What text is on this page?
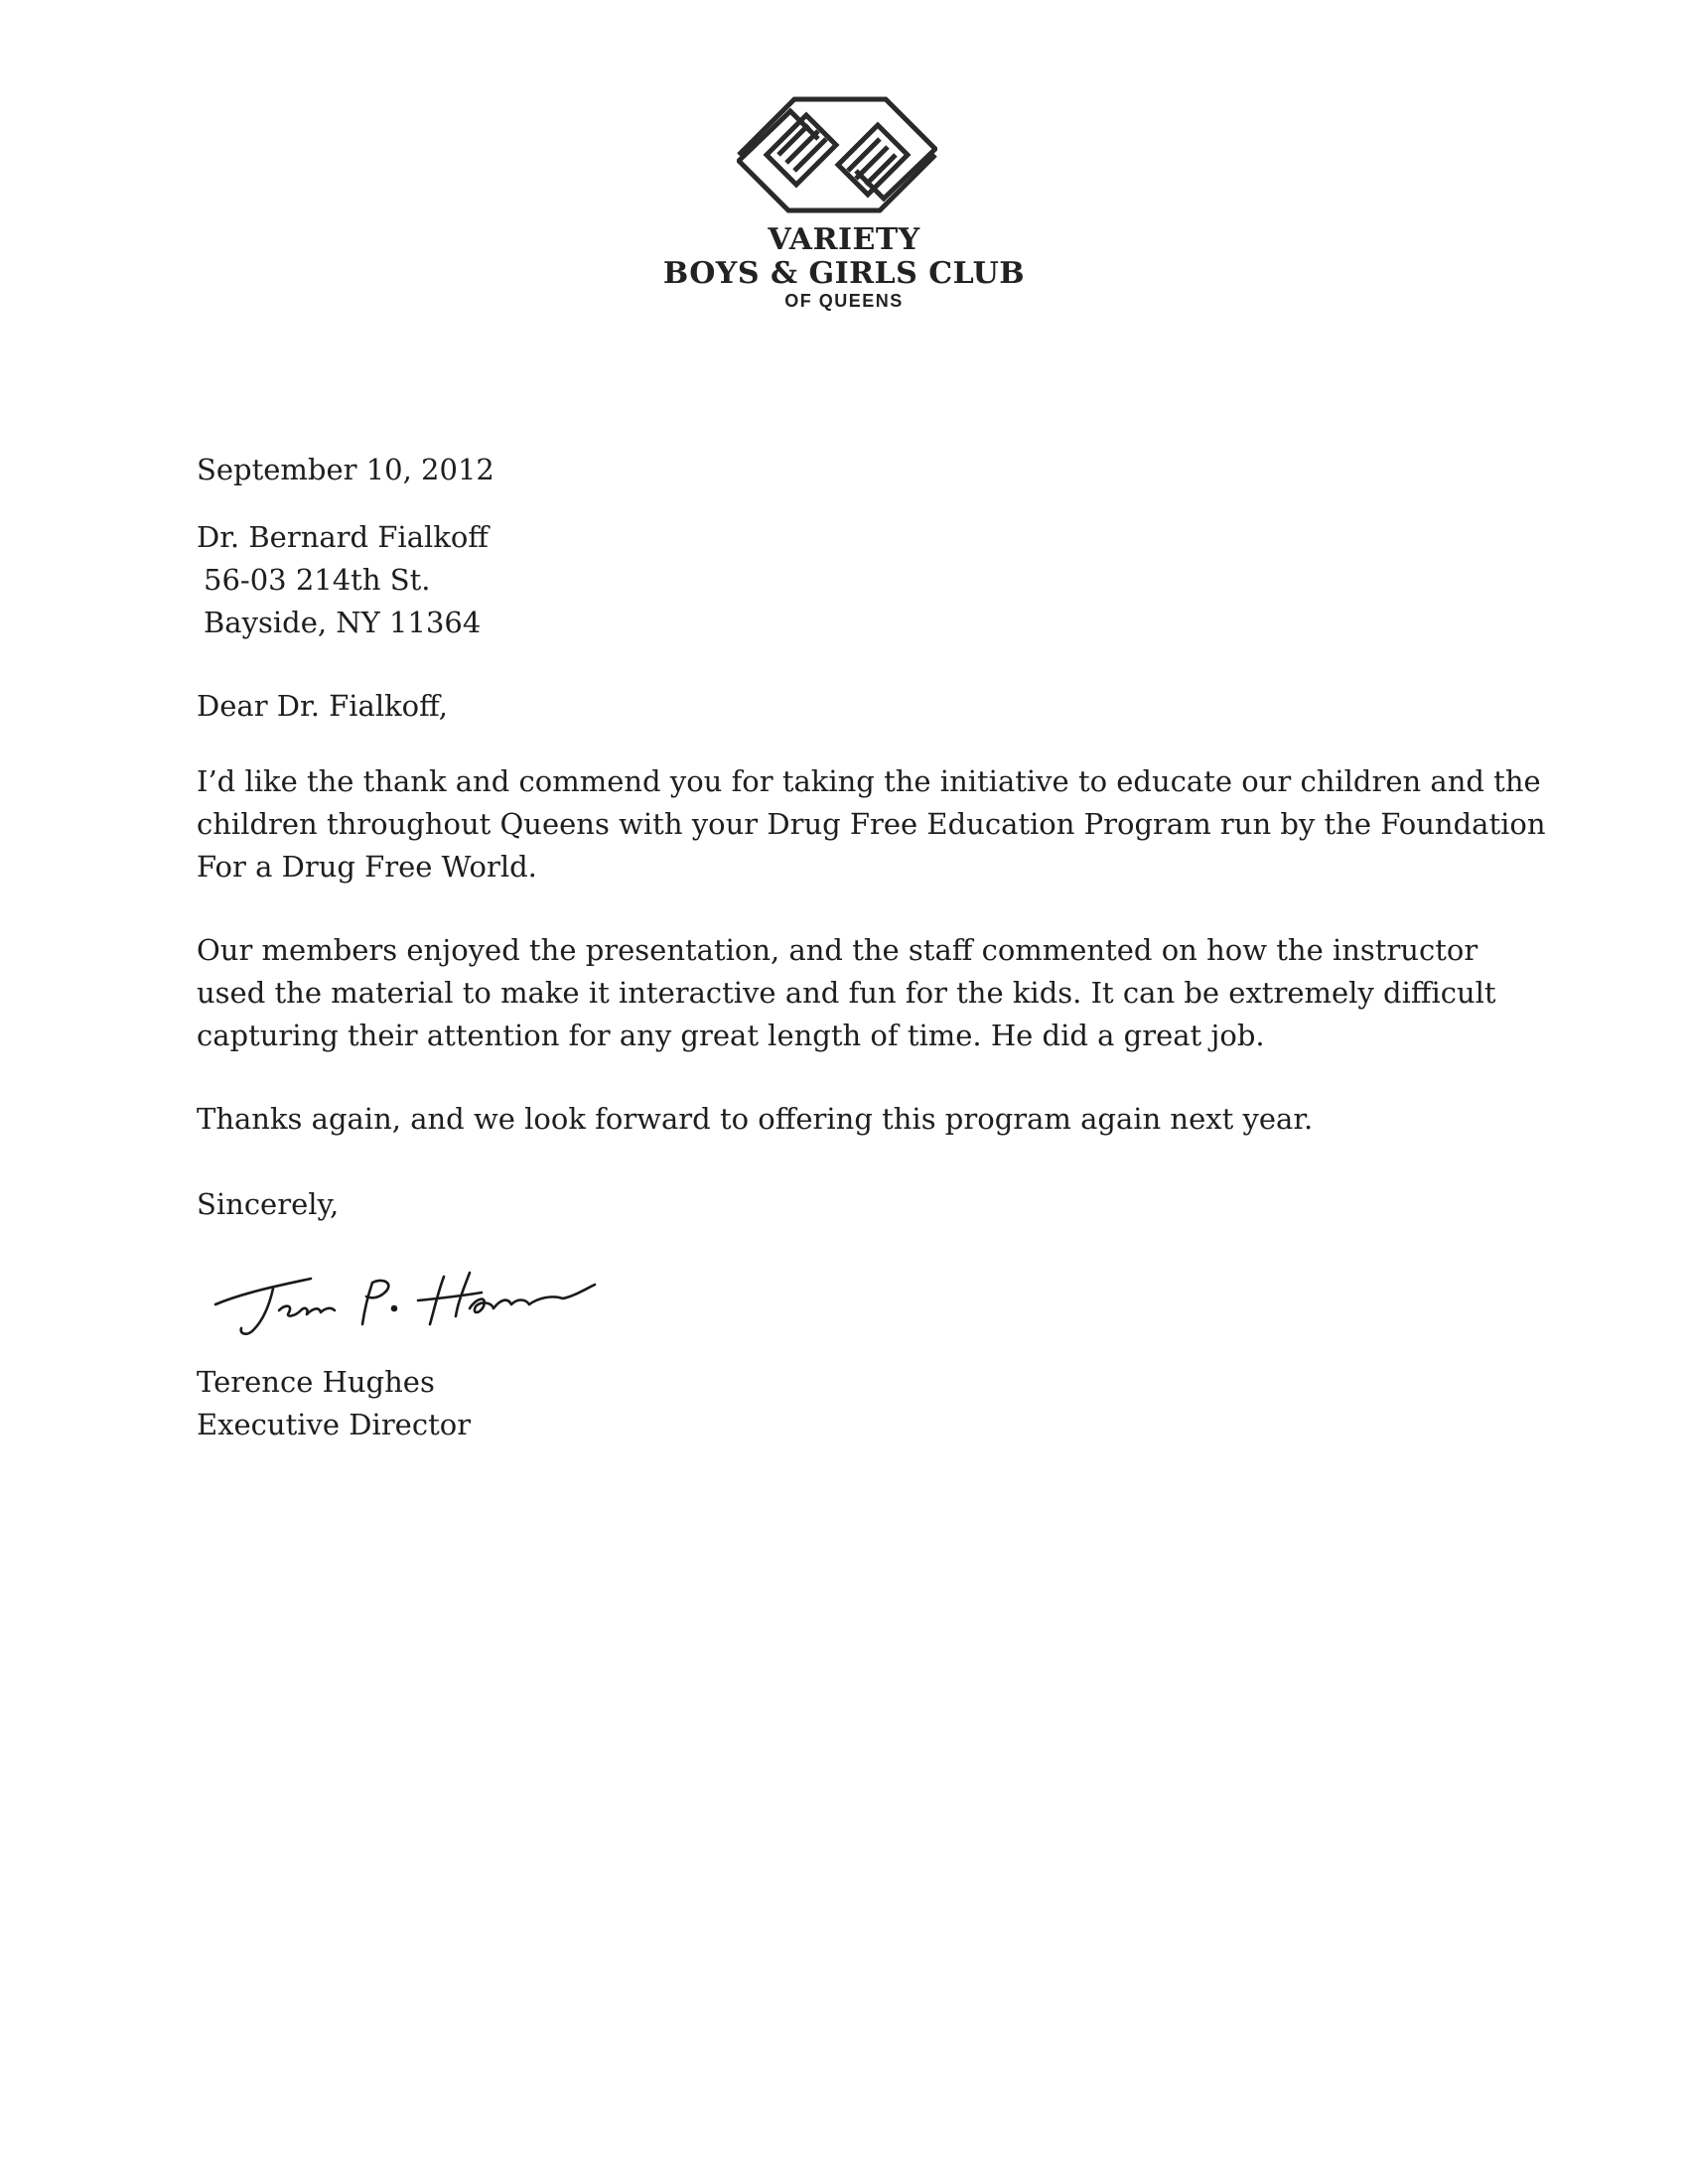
VARIETY
BOYS & GIRLS CLUB
OF QUEENS
September 10, 2012
Dr. Bernard Fialkoff
56-03 214th St.
Bayside, NY 11364
Dear Dr. Fialkoff,
I’d like the thank and commend you for taking the initiative to educate our children and the
children throughout Queens with your Drug Free Education Program run by the Foundation
For a Drug Free World.
Our members enjoyed the presentation, and the staff commented on how the instructor
used the material to make it interactive and fun for the kids. It can be extremely difficult
capturing their attention for any great length of time. He did a great job.
Thanks again, and we look forward to offering this program again next year.
Sincerely,
Terence Hughes
Executive Director
